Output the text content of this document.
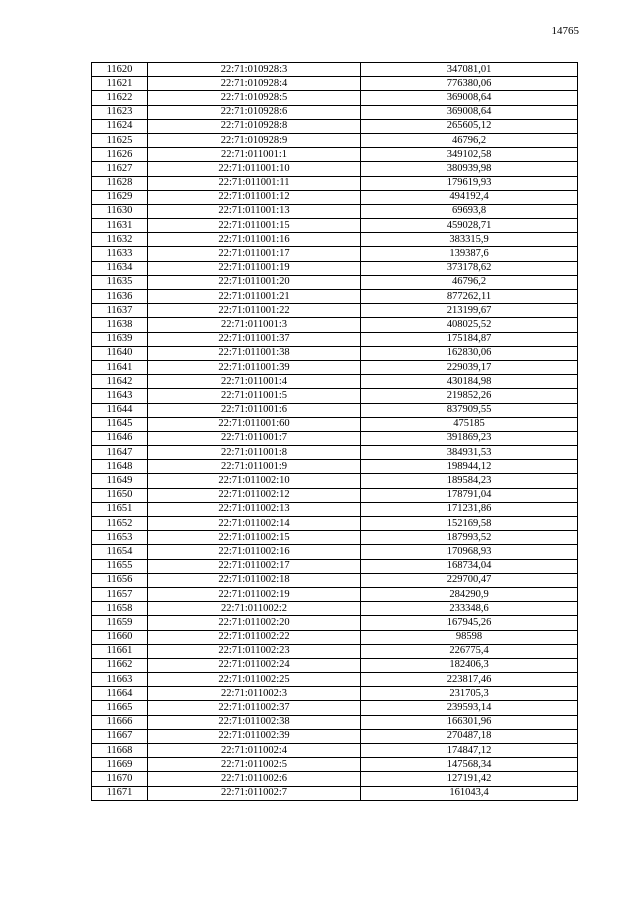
14765
11620	22:71:010928:3	347081,01
11621	22:71:010928:4	776380,06
11622	22:71:010928:5	369008,64
11623	22:71:010928:6	369008,64
11624	22:71:010928:8	265605,12
11625	22:71:010928:9	46796,2
11626	22:71:011001:1	349102,58
11627	22:71:011001:10	380939,98
11628	22:71:011001:11	179619,93
11629	22:71:011001:12	494192,4
11630	22:71:011001:13	69693,8
11631	22:71:011001:15	459028,71
11632	22:71:011001:16	383315,9
11633	22:71:011001:17	139387,6
11634	22:71:011001:19	373178,62
11635	22:71:011001:20	46796,2
11636	22:71:011001:21	877262,11
11637	22:71:011001:22	213199,67
11638	22:71:011001:3	408025,52
11639	22:71:011001:37	175184,87
11640	22:71:011001:38	162830,06
11641	22:71:011001:39	229039,17
11642	22:71:011001:4	430184,98
11643	22:71:011001:5	219852,26
11644	22:71:011001:6	837909,55
11645	22:71:011001:60	475185
11646	22:71:011001:7	391869,23
11647	22:71:011001:8	384931,53
11648	22:71:011001:9	198944,12
11649	22:71:011002:10	189584,23
11650	22:71:011002:12	178791,04
11651	22:71:011002:13	171231,86
11652	22:71:011002:14	152169,58
11653	22:71:011002:15	187993,52
11654	22:71:011002:16	170968,93
11655	22:71:011002:17	168734,04
11656	22:71:011002:18	229700,47
11657	22:71:011002:19	284290,9
11658	22:71:011002:2	233348,6
11659	22:71:011002:20	167945,26
11660	22:71:011002:22	98598
11661	22:71:011002:23	226775,4
11662	22:71:011002:24	182406,3
11663	22:71:011002:25	223817,46
11664	22:71:011002:3	231705,3
11665	22:71:011002:37	239593,14
11666	22:71:011002:38	166301,96
11667	22:71:011002:39	270487,18
11668	22:71:011002:4	174847,12
11669	22:71:011002:5	147568,34
11670	22:71:011002:6	127191,42
11671	22:71:011002:7	161043,4
